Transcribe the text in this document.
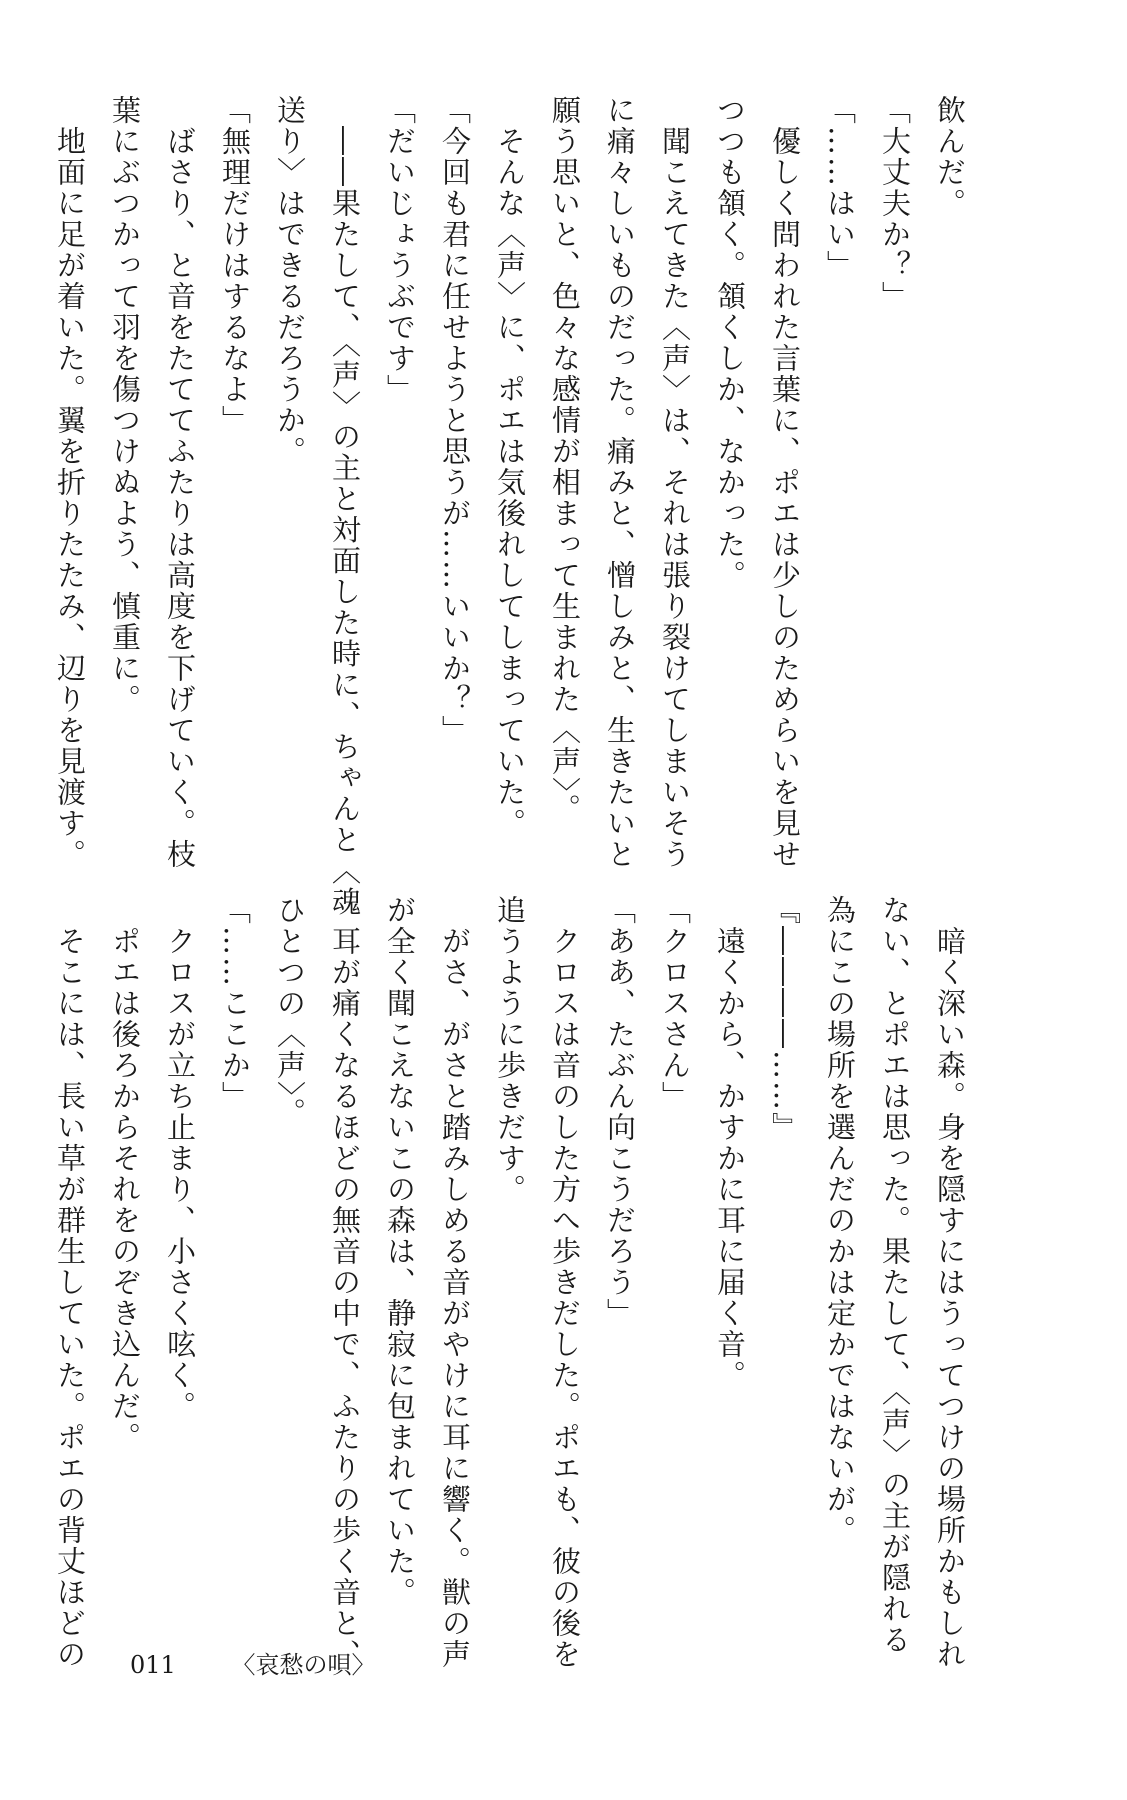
飲んだ。
「大丈夫か？」
「……はい」
　優しく問われた言葉に、ポエは少しのためらいを見せ
つつも頷く。頷くしか、なかった。
　聞こえてきた〈声〉は、それは張り裂けてしまいそう
に痛々しいものだった。痛みと、憎しみと、生きたいと
願う思いと、色々な感情が相まって生まれた〈声〉。
　そんな〈声〉に、ポエは気後れしてしまっていた。
「今回も君に任せようと思うが……いいか？」
「だいじょうぶです」
　――果たして、〈声〉の主と対面した時に、ちゃんと〈魂
送り〉はできるだろうか。
「無理だけはするなよ」
　ばさり、と音をたててふたりは高度を下げていく。枝
葉にぶつかって羽を傷つけぬよう、慎重に。
　地面に足が着いた。翼を折りたたみ、辺りを見渡す。
　暗く深い森。身を隠すにはうってつけの場所かもしれ
ない、とポエは思った。果たして、〈声〉の主が隠れる
為にこの場所を選んだのかは定かではないが。
『――――……』
　遠くから、かすかに耳に届く音。
「クロスさん」
「ああ、たぶん向こうだろう」
　クロスは音のした方へ歩きだした。ポエも、彼の後を
追うように歩きだす。
　がさ、がさと踏みしめる音がやけに耳に響く。獣の声
が全く聞こえないこの森は、静寂に包まれていた。
　耳が痛くなるほどの無音の中で、ふたりの歩く音と、
ひとつの〈声〉。
「……ここか」
　クロスが立ち止まり、小さく呟く。
　ポエは後ろからそれをのぞき込んだ。
　そこには、長い草が群生していた。ポエの背丈ほどの	011 〈哀愁の唄〉
